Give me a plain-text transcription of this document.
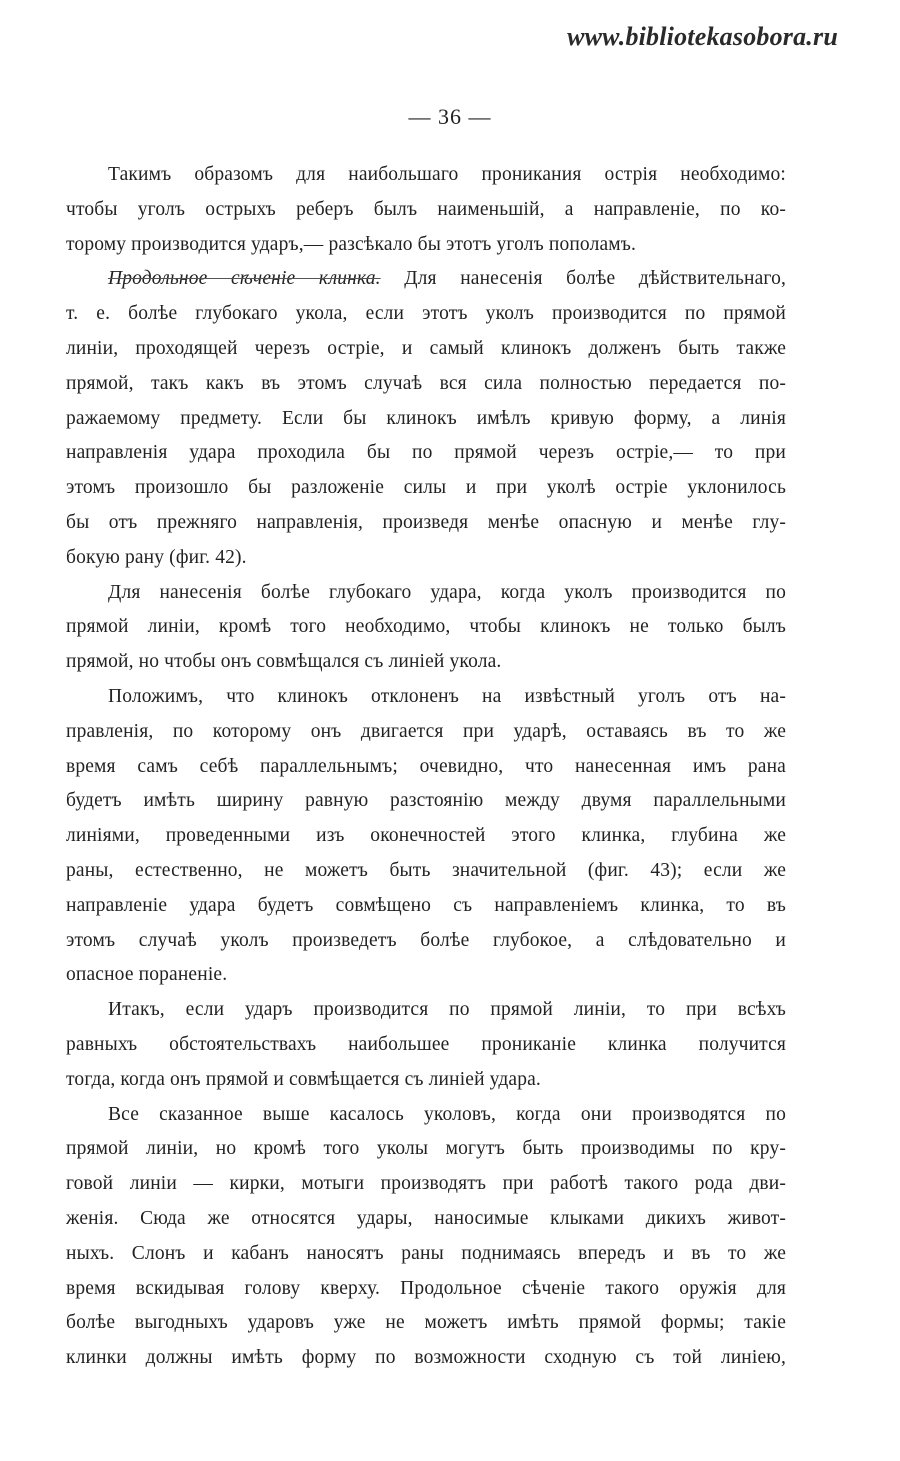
www.bibliotekasobora.ru
— 36 —
Такимъ образомъ для наибольшаго проникания острія необходимо:
чтобы уголъ острыхъ реберъ былъ наименьшій, а направленіе, по ко-
торому производится ударъ,— разсѣкало бы этотъ уголъ пополамъ.
Продольное сѣченіе клинка. Для нанесенія болѣе дѣйствительнаго,
т. е. болѣе глубокаго укола, если этотъ уколъ производится по прямой
линіи, проходящей черезъ остріе, и самый клинокъ долженъ быть также
прямой, такъ какъ въ этомъ случаѣ вся сила полностью передается по-
ражаемому предмету. Если бы клинокъ имѣлъ кривую форму, а линія
направленія удара проходила бы по прямой черезъ остріе,— то при
этомъ произошло бы разложеніе силы и при уколѣ остріе уклонилось
бы отъ прежняго направленія, произведя менѣе опасную и менѣе глу-
бокую рану (фиг. 42).
Для нанесенія болѣе глубокаго удара, когда уколъ производится по
прямой линіи, кромѣ того необходимо, чтобы клинокъ не только былъ
прямой, но чтобы онъ совмѣщался съ линіей укола.
Положимъ, что клинокъ отклоненъ на извѣстный уголъ отъ на-
правленія, по которому онъ двигается при ударѣ, оставаясь въ то же
время самъ себѣ параллельнымъ; очевидно, что нанесенная имъ рана
будетъ имѣть ширину равную разстоянію между двумя параллельными
линіями, проведенными изъ оконечностей этого клинка, глубина же
раны, естественно, не можетъ быть значительной (фиг. 43); если же
направленіе удара будетъ совмѣщено съ направленіемъ клинка, то въ
этомъ случаѣ уколъ произведетъ болѣе глубокое, а слѣдовательно и
опасное пораненіе.
Итакъ, если ударъ производится по прямой линіи, то при всѣхъ
равныхъ обстоятельствахъ наибольшее прониканіе клинка получится
тогда, когда онъ прямой и совмѣщается съ линіей удара.
Все сказанное выше касалось уколовъ, когда они производятся по
прямой линіи, но кромѣ того уколы могутъ быть производимы по кру-
говой линіи — кирки, мотыги производятъ при работѣ такого рода дви-
женія. Сюда же относятся удары, наносимые клыками дикихъ живот-
ныхъ. Слонъ и кабанъ наносятъ раны поднимаясь впередъ и въ то же
время вскидывая голову кверху. Продольное сѣченіе такого оружія для
болѣе выгодныхъ ударовъ уже не можетъ имѣть прямой формы; такіе
клинки должны имѣть форму по возможности сходную съ той линіею,
